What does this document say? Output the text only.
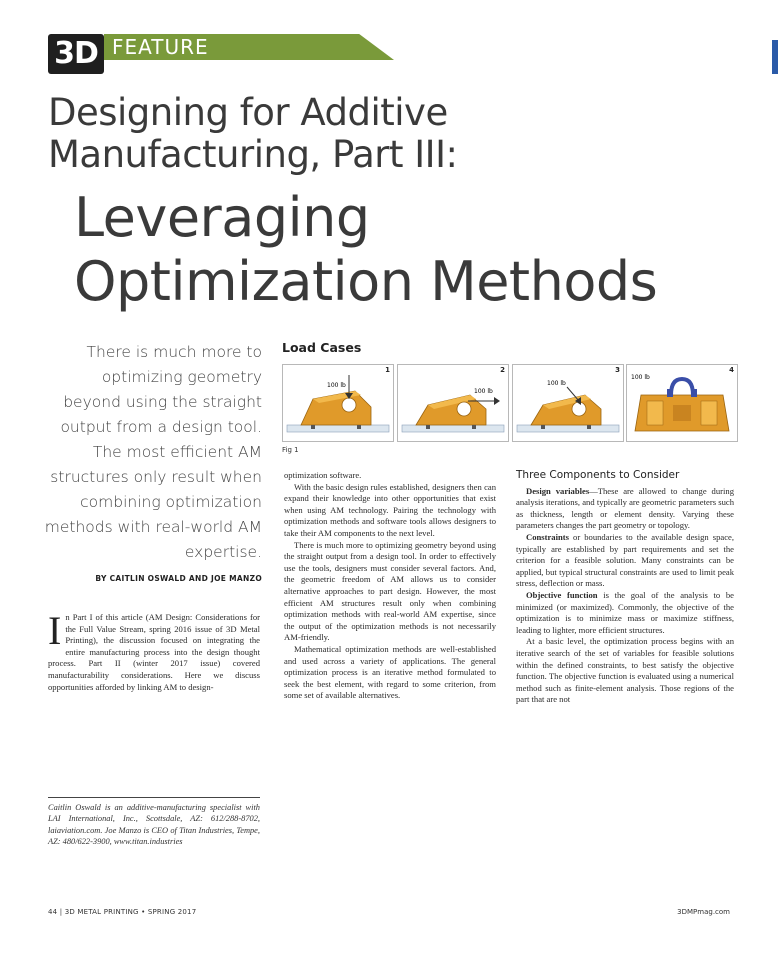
3D FEATURE
Designing for Additive
Manufacturing, Part III:
Leveraging
Optimization Methods
There is much more to optimizing geometry beyond using the straight output from a design tool. The most efficient AM structures only result when combining optimization methods with real-world AM expertise.
BY CAITLIN OSWALD AND JOE MANZO
Load Cases
1
100 lb
2
100 lb
3
100 lb
4
100 lb
Fig 1

In Part I of this article (AM Design: Considerations for the Full Value Stream, spring 2016 issue of 3D Metal Printing), the discussion focused on integrating the entire manufacturing process into the design thought process. Part II (winter 2017 issue) covered manufacturability considerations. Here we discuss opportunities afforded by linking AM to design-

Caitlin Oswald is an additive-manufacturing specialist with LAI International, Inc., Scottsdale, AZ: 612/288-8702, laiaviation.com. Joe Manzo is CEO of Titan Industries, Tempe, AZ: 480/622-3900, www.titan.industries

optimization software.

With the basic design rules established, designers then can expand their knowledge into other opportunities that exist when using AM technology. Pairing the technology with optimization methods and software tools allows designers to take their AM components to the next level.

There is much more to optimizing geometry beyond using the straight output from a design tool. In order to effectively use the tools, designers must consider several factors. And, the geometric freedom of AM allows us to consider alternative approaches to part design. However, the most efficient AM structures result only when combining optimization methods with real-world AM expertise, since the output of the optimization methods is not necessarily AM-friendly.

Mathematical optimization methods are well-established and used across a variety of applications. The general optimization process is an iterative method formulated to seek the best element, with regard to some criterion, from some set of available alternatives.

Three Components to Consider

Design variables—These are allowed to change during analysis iterations, and typically are geometric parameters such as thickness, length or element density. Varying these parameters changes the part geometry or topology.

Constraints or boundaries to the available design space, typically are established by part requirements and set the criterion for a feasible solution. Many constraints can be applied, but typical structural constraints are used to limit peak stress, deflection or mass.

Objective function is the goal of the analysis to be minimized (or maximized). Commonly, the objective of the optimization is to minimize mass or maximize stiffness, leading to lighter, more efficient structures.

At a basic level, the optimization process begins with an iterative search of the set of variables for feasible solutions within the defined constraints, to best satisfy the objective function. The objective function is evaluated using a numerical method such as finite-element analysis. Those regions of the part that are not

44 | 3D METAL PRINTING • SPRING 2017	3DMPmag.com
